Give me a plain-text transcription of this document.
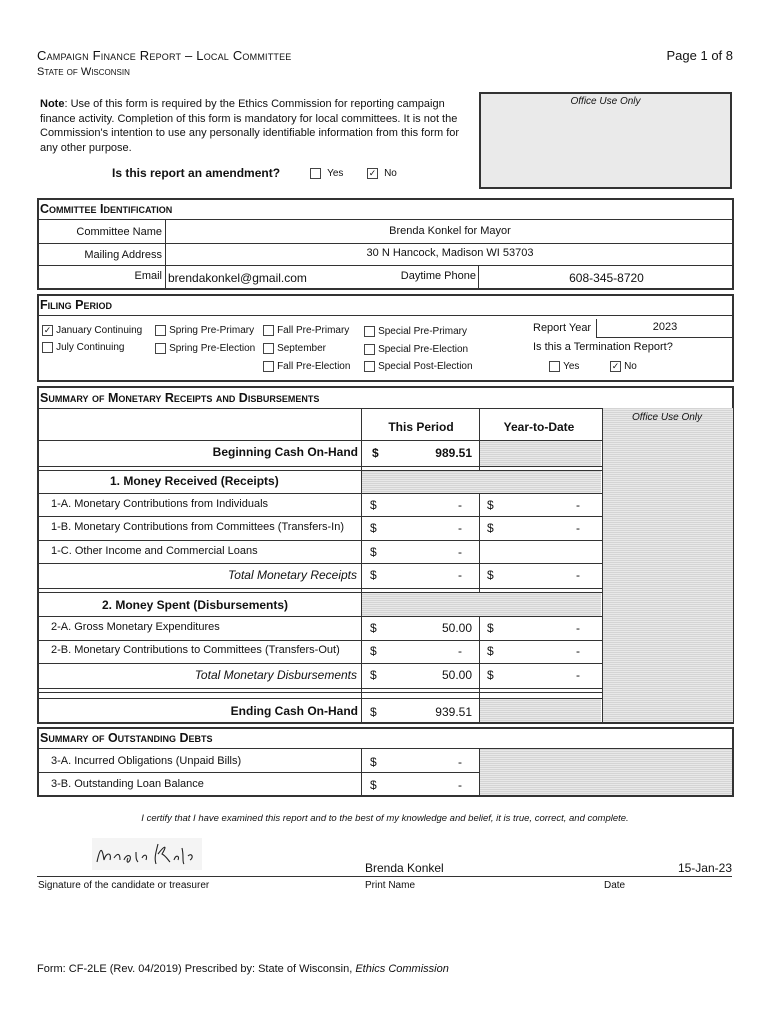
Campaign Finance Report – Local Committee
State of Wisconsin
Page 1 of 8
Note: Use of this form is required by the Ethics Commission for reporting campaign finance activity. Completion of this form is mandatory for local committees. It is not the Commission's intention to use any personally identifiable information from this form for any other purpose.
Office Use Only
Is this report an amendment?	Yes	✓ No
Committee Identification
Committee Name	Brenda Konkel for Mayor
Mailing Address	30 N Hancock, Madison WI 53703
Email brendakonkel@gmail.com	Daytime Phone	608-345-8720
Filing Period
✓ January Continuing
July Continuing
Spring Pre-Primary
Spring Pre-Election
Fall Pre-Primary
September
Fall Pre-Election
Special Pre-Primary
Special Pre-Election
Special Post-Election
Report Year	2023
Is this a Termination Report?
Yes	✓ No
Summary of Monetary Receipts and Disbursements
Office Use Only
This Period	Year-to-Date
Beginning Cash On-Hand $	989.51
1. Money Received (Receipts)
1-A. Monetary Contributions from Individuals	$	- $	-
1-B. Monetary Contributions from Committees (Transfers-In) $	- $	-
1-C. Other Income and Commercial Loans	$	-
Total Monetary Receipts $	- $	-
2. Money Spent (Disbursements)
2-A. Gross Monetary Expenditures	$	50.00 $	-
2-B. Monetary Contributions to Committees (Transfers-Out)	$	- $	-
Total Monetary Disbursements $	50.00 $	-
Ending Cash On-Hand $	939.51
Summary of Outstanding Debts
3-A. Incurred Obligations (Unpaid Bills)	$	-
3-B. Outstanding Loan Balance	$	-
I certify that I have examined this report and to the best of my knowledge and belief, it is true, correct, and complete.
Brenda Konkel	15-Jan-23
Signature of the candidate or treasurer	Print Name	Date
Form: CF-2LE (Rev. 04/2019) Prescribed by: State of Wisconsin, Ethics Commission
